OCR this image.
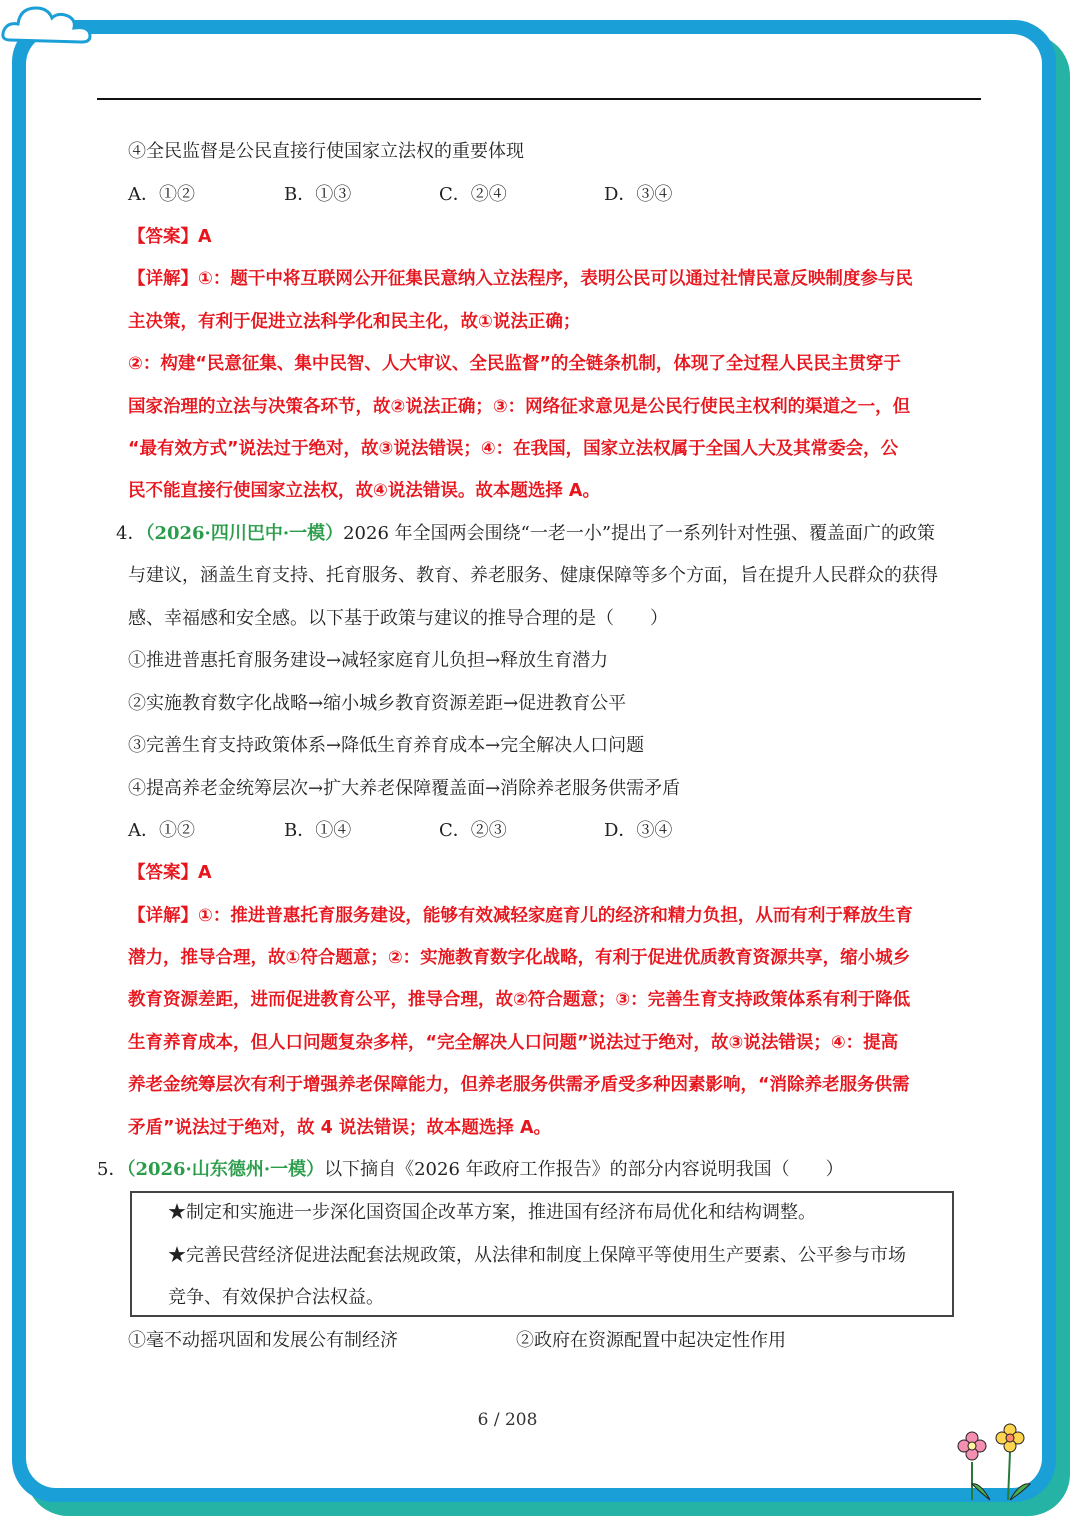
④全民监督是公民直接行使国家立法权的重要体现
A．①②	B．①③	C．②④	D．③④
【答案】A
【详解】①：题干中将互联网公开征集民意纳入立法程序，表明公民可以通过社情民意反映制度参与民
主决策，有利于促进立法科学化和民主化，故①说法正确；
②：构建“民意征集、集中民智、人大审议、全民监督”的全链条机制，体现了全过程人民民主贯穿于
国家治理的立法与决策各环节，故②说法正确；③：网络征求意见是公民行使民主权利的渠道之一，但
“最有效方式”说法过于绝对，故③说法错误；④：在我国，国家立法权属于全国人大及其常委会，公
民不能直接行使国家立法权，故④说法错误。故本题选择 A。
4．（2026·四川巴中·一模）2026 年全国两会围绕“一老一小”提出了一系列针对性强、覆盖面广的政策
与建议，涵盖生育支持、托育服务、教育、养老服务、健康保障等多个方面，旨在提升人民群众的获得
感、幸福感和安全感。以下基于政策与建议的推导合理的是（　　）
①推进普惠托育服务建设→减轻家庭育儿负担→释放生育潜力
②实施教育数字化战略→缩小城乡教育资源差距→促进教育公平
③完善生育支持政策体系→降低生育养育成本→完全解决人口问题
④提高养老金统筹层次→扩大养老保障覆盖面→消除养老服务供需矛盾
A．①②	B．①④	C．②③	D．③④
【答案】A
【详解】①：推进普惠托育服务建设，能够有效减轻家庭育儿的经济和精力负担，从而有利于释放生育
潜力，推导合理，故①符合题意；②：实施教育数字化战略，有利于促进优质教育资源共享，缩小城乡
教育资源差距，进而促进教育公平，推导合理，故②符合题意；③：完善生育支持政策体系有利于降低
生育养育成本，但人口问题复杂多样，“完全解决人口问题”说法过于绝对，故③说法错误；④：提高
养老金统筹层次有利于增强养老保障能力，但养老服务供需矛盾受多种因素影响，“消除养老服务供需
矛盾”说法过于绝对，故 4 说法错误；故本题选择 A。
5．（2026·山东德州·一模）以下摘自《2026 年政府工作报告》的部分内容说明我国（　　）
★制定和实施进一步深化国资国企改革方案，推进国有经济布局优化和结构调整。
★完善民营经济促进法配套法规政策，从法律和制度上保障平等使用生产要素、公平参与市场
竞争、有效保护合法权益。
①毫不动摇巩固和发展公有制经济	②政府在资源配置中起决定性作用
6 / 208
